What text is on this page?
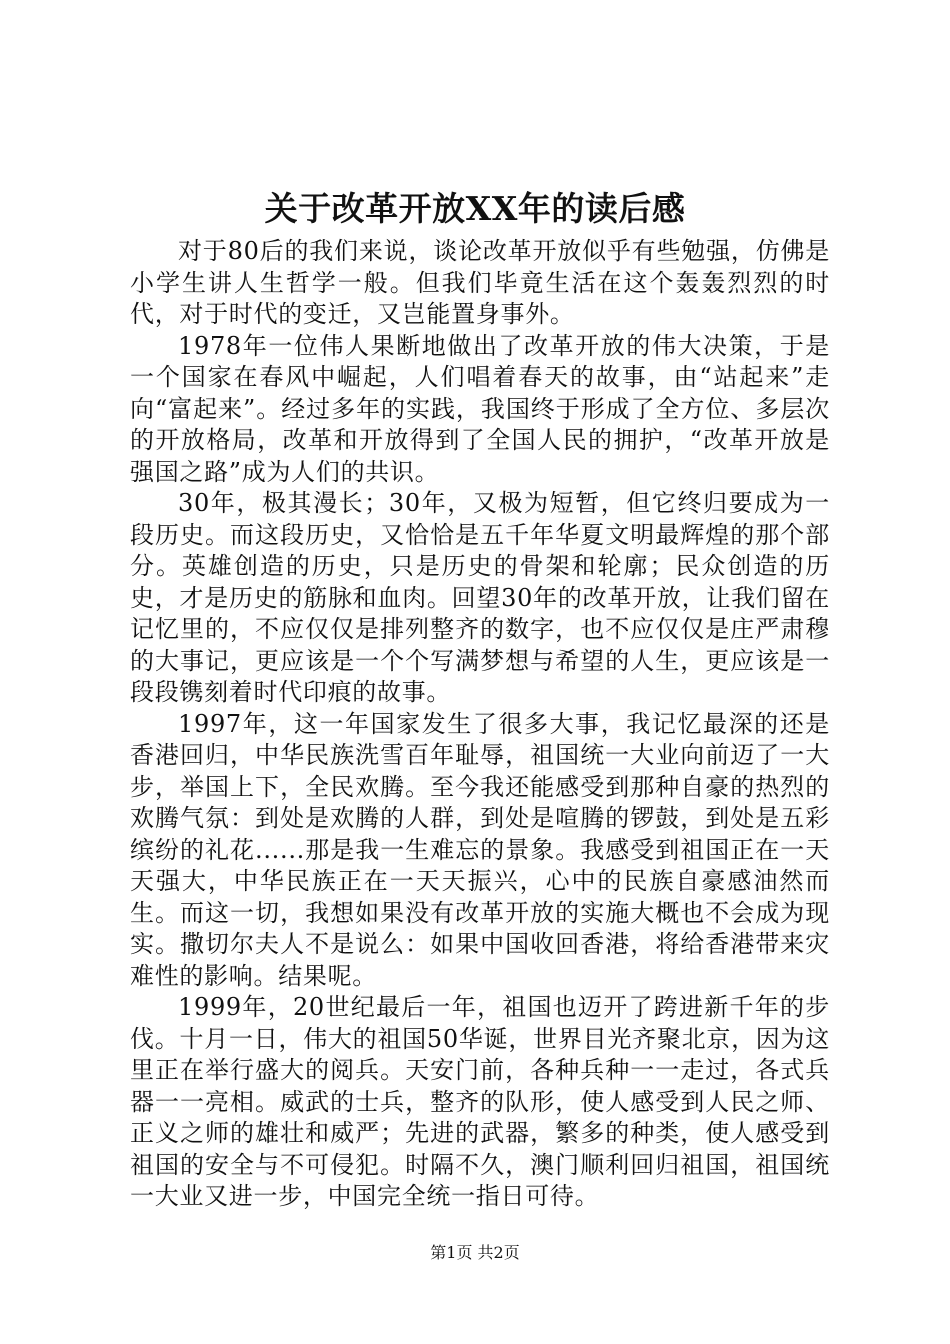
关于改革开放XX年的读后感

对于80后的我们来说，谈论改革开放似乎有些勉强，仿佛是小学生讲人生哲学一般。但我们毕竟生活在这个轰轰烈烈的时代，对于时代的变迁，又岂能置身事外。

1978年一位伟人果断地做出了改革开放的伟大决策，于是一个国家在春风中崛起，人们唱着春天的故事，由“站起来”走向“富起来”。经过多年的实践，我国终于形成了全方位、多层次的开放格局，改革和开放得到了全国人民的拥护，“改革开放是强国之路”成为人们的共识。

30年，极其漫长；30年，又极为短暂，但它终归要成为一段历史。而这段历史，又恰恰是五千年华夏文明最辉煌的那个部分。英雄创造的历史，只是历史的骨架和轮廓；民众创造的历史，才是历史的筋脉和血肉。回望30年的改革开放，让我们留在记忆里的，不应仅仅是排列整齐的数字，也不应仅仅是庄严肃穆的大事记，更应该是一个个写满梦想与希望的人生，更应该是一段段镌刻着时代印痕的故事。

1997年，这一年国家发生了很多大事，我记忆最深的还是香港回归，中华民族洗雪百年耻辱，祖国统一大业向前迈了一大步，举国上下，全民欢腾。至今我还能感受到那种自豪的热烈的欢腾气氛：到处是欢腾的人群，到处是喧腾的锣鼓，到处是五彩缤纷的礼花......那是我一生难忘的景象。我感受到祖国正在一天天强大，中华民族正在一天天振兴，心中的民族自豪感油然而生。而这一切，我想如果没有改革开放的实施大概也不会成为现实。撒切尔夫人不是说么：如果中国收回香港，将给香港带来灾难性的影响。结果呢。

1999年，20世纪最后一年，祖国也迈开了跨进新千年的步伐。十月一日，伟大的祖国50华诞，世界目光齐聚北京，因为这里正在举行盛大的阅兵。天安门前，各种兵种一一走过，各式兵器一一亮相。威武的士兵，整齐的队形，使人感受到人民之师、正义之师的雄壮和威严；先进的武器，繁多的种类，使人感受到祖国的安全与不可侵犯。时隔不久，澳门顺利回归祖国，祖国统一大业又进一步，中国完全统一指日可待。

第1页 共2页
